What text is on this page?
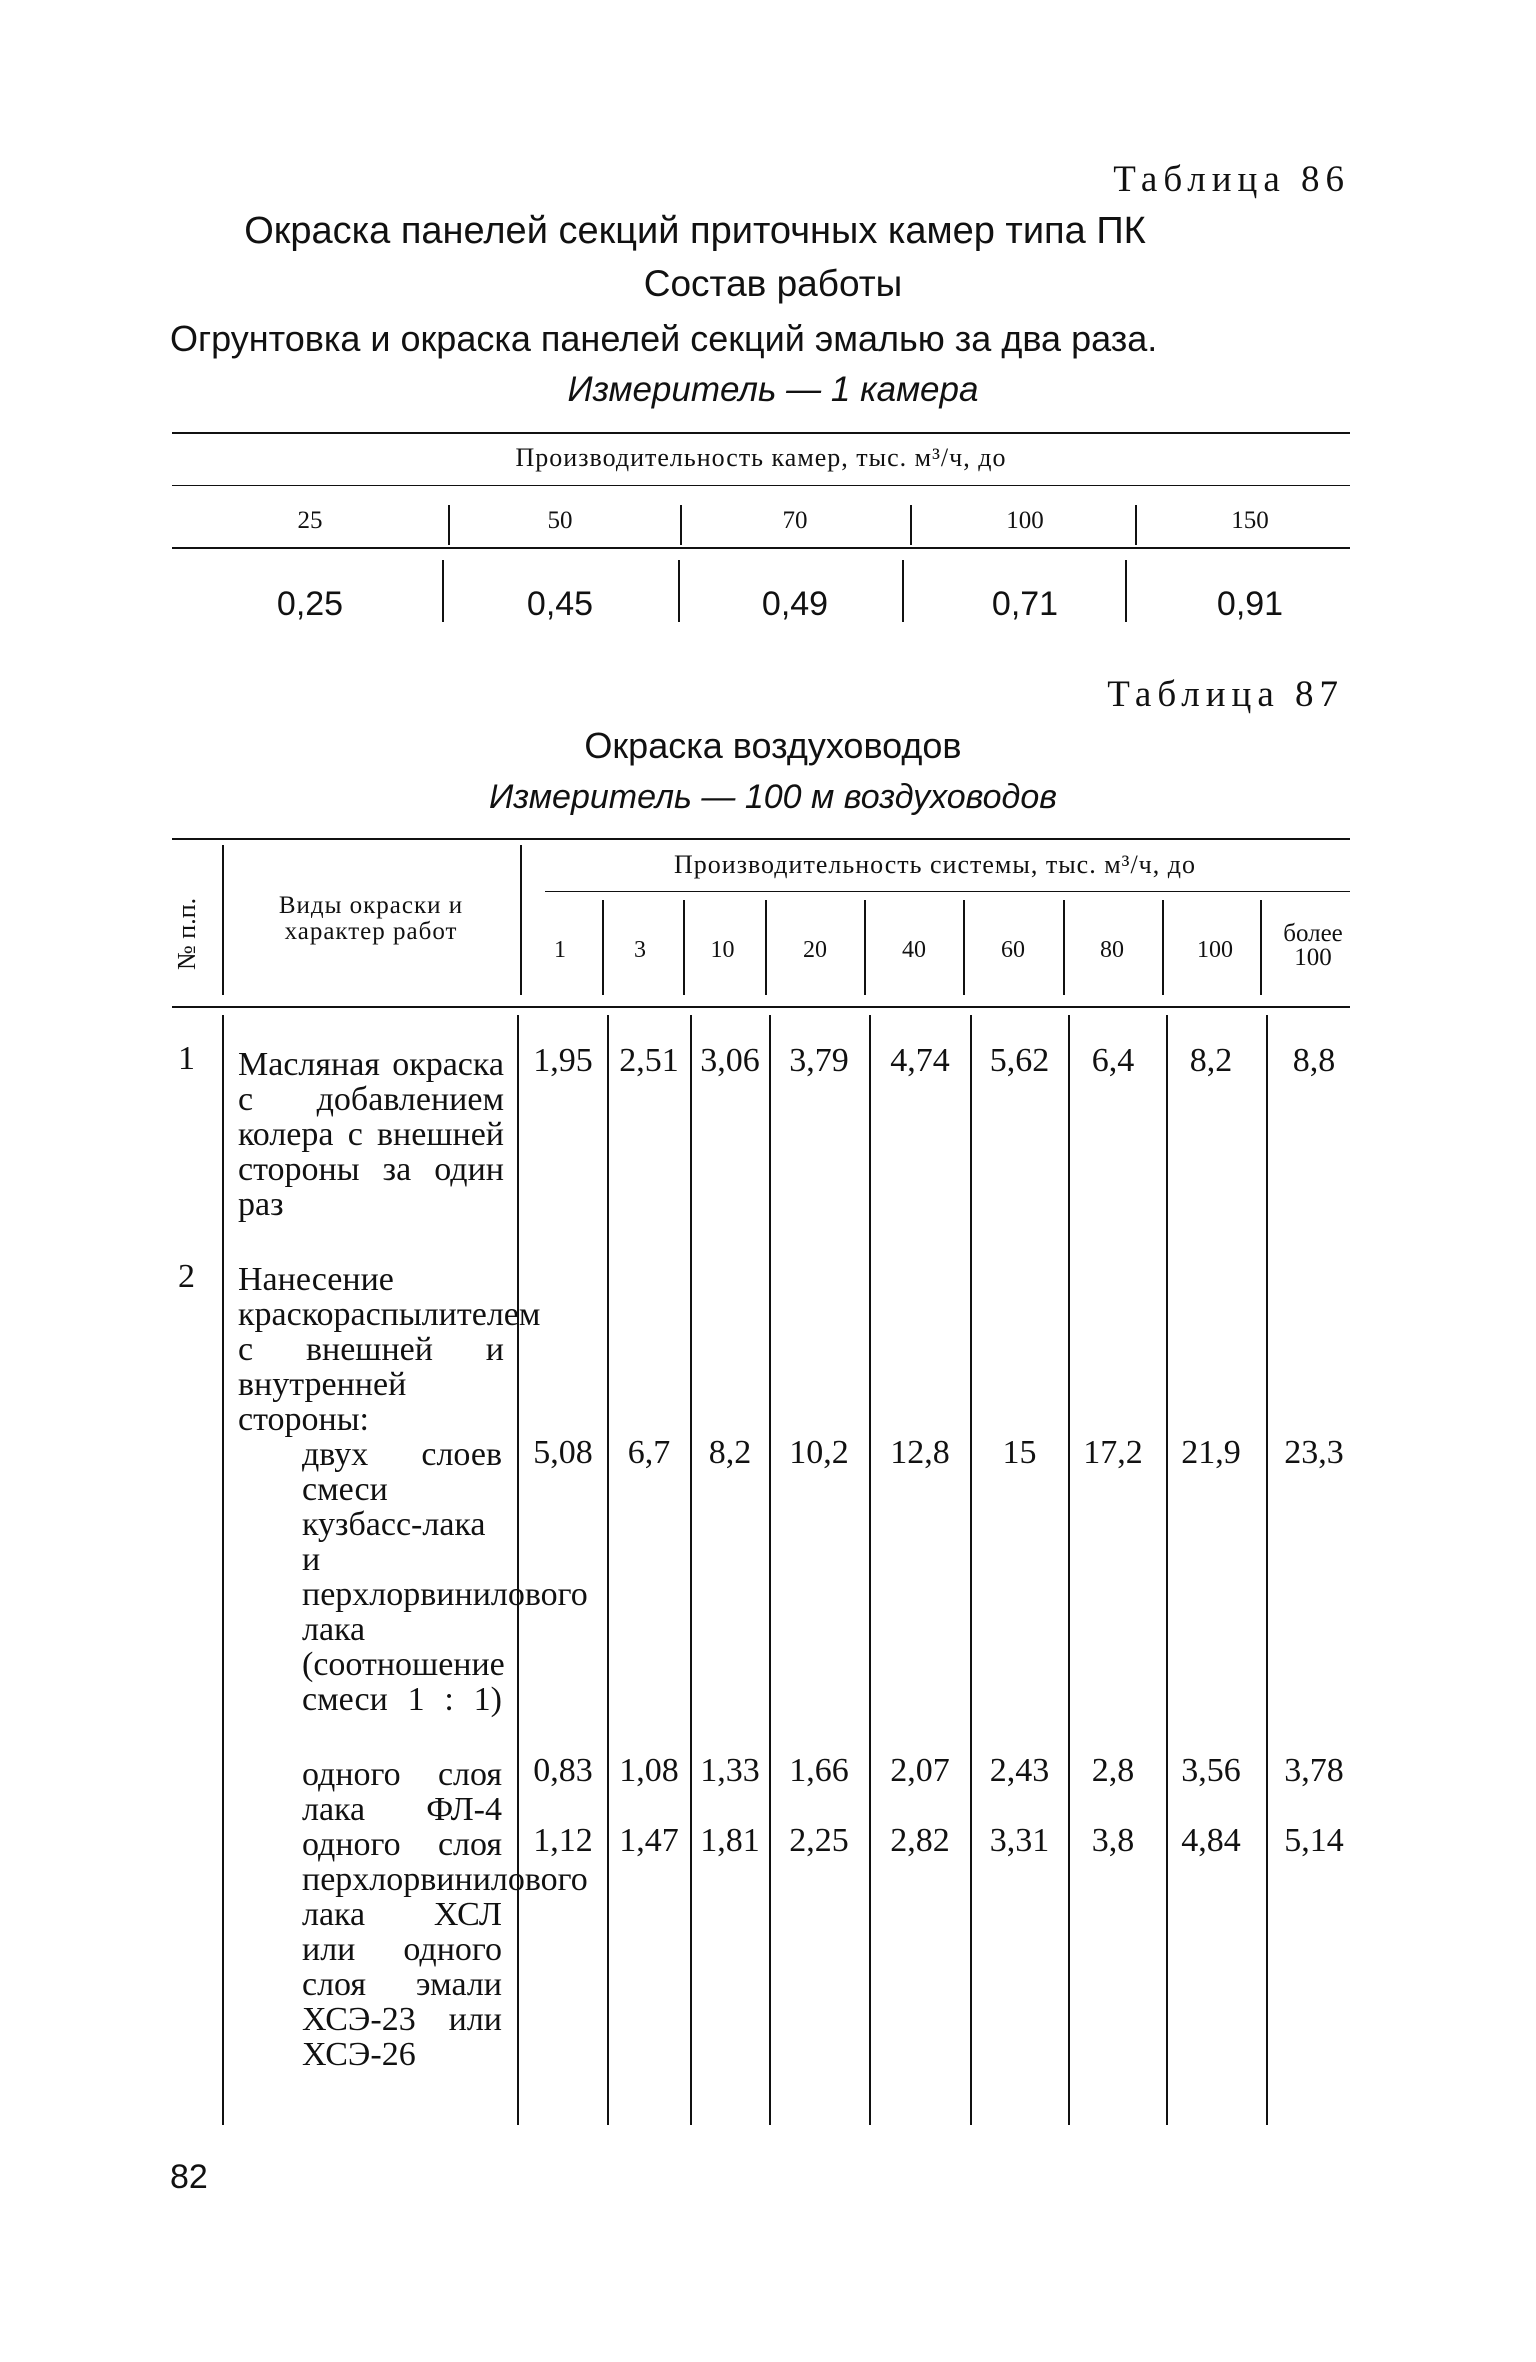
Таблица 86
Окраска панелей секций приточных камер типа ПК
Состав работы
Огрунтовка и окраска панелей секций эмалью за два раза.
Измеритель — 1 камера
Производительность камер, тыс. м³/ч, до
25	50	70	100	150
0,25	0,45	0,49	0,71	0,91
Таблица 87
Окраска воздуховодов
Измеритель — 100 м воздуховодов
№ п.п.	Виды окраски и характер работ
Производительность системы, тыс. м³/ч, до
1	3	10	20	40	60	80	100
более 100
1 Масляная окраска с добавлением колера с внешней стороны за один раз
1,95 2,51 3,06 3,79	4,74	5,62	6,4	8,2	8,8
2 Нанесение краскораспылителем с внешней и внутренней стороны:
двух слоев смеси кузбасс-лака и перхлорвинилового лака (соотношение смеси 1 : 1)
5,08	6,7	8,2	10,2	12,8	15	17,2	21,9	23,3
одного слоя лака ФЛ-4
0,83 1,08 1,33 1,66	2,07	2,43	2,8	3,56	3,78
одного слоя перхлорвинилового лака ХСЛ или одного слоя эмали ХСЭ-23 или ХСЭ-26
1,12 1,47 1,81 2,25	2,82	3,31	3,8	4,84	5,14
82
